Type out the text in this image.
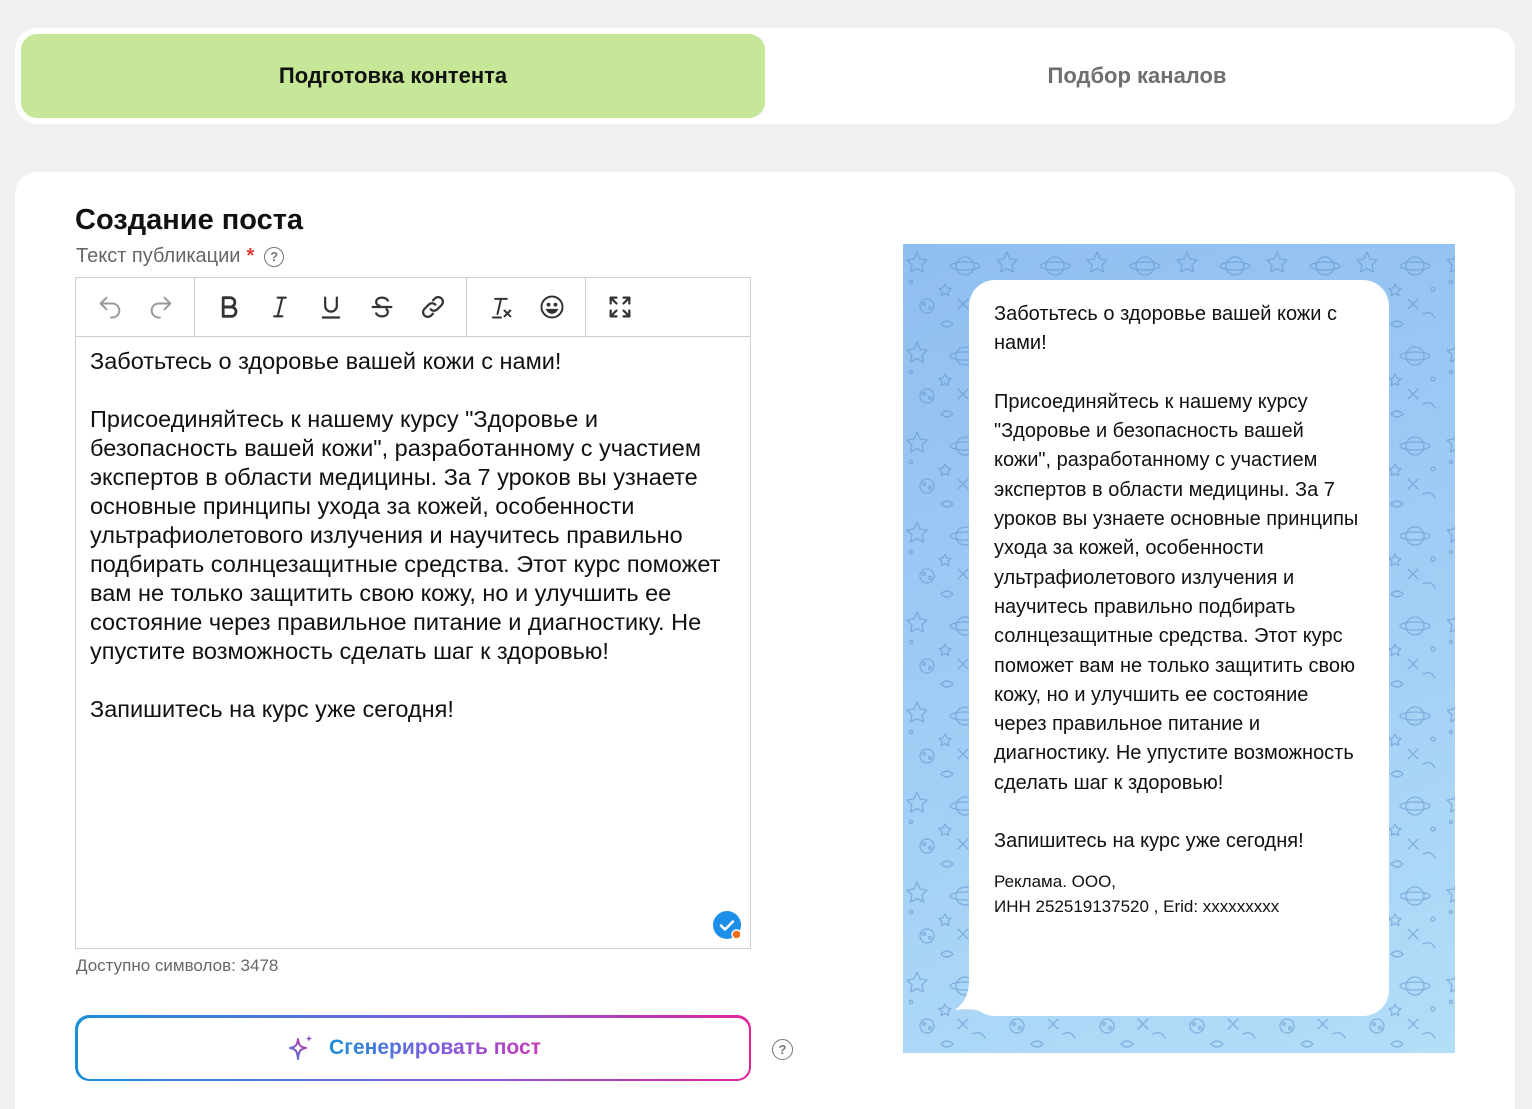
Подготовка контента	Подбор каналов
Создание поста
Текст публикации *	?
Заботьтесь о здоровье вашей кожи с нами!

Присоединяйтесь к нашему курсу "Здоровье и безопасность вашей кожи", разработанному с участием экспертов в области медицины. За 7 уроков вы узнаете основные принципы ухода за кожей, особенности ультрафиолетового излучения и научитесь правильно подбирать солнцезащитные средства. Этот курс поможет вам не только защитить свою кожу, но и улучшить ее состояние через правильное питание и диагностику. Не упустите возможность сделать шаг к здоровью!

Запишитесь на курс уже сегодня!
Доступно символов: 3478
Сгенерировать пост	?
Заботьтесь о здоровье вашей кожи с нами!

Присоединяйтесь к нашему курсу "Здоровье и безопасность вашей кожи", разработанному с участием экспертов в области медицины. За 7 уроков вы узнаете основные принципы ухода за кожей, особенности ультрафиолетового излучения и научитесь правильно подбирать солнцезащитные средства. Этот курс поможет вам не только защитить свою кожу, но и улучшить ее состояние через правильное питание и диагностику. Не упустите возможность сделать шаг к здоровью!

Запишитесь на курс уже сегодня!
Реклама. ООО,
ИНН 252519137520 , Erid: xxxxxxxxx
